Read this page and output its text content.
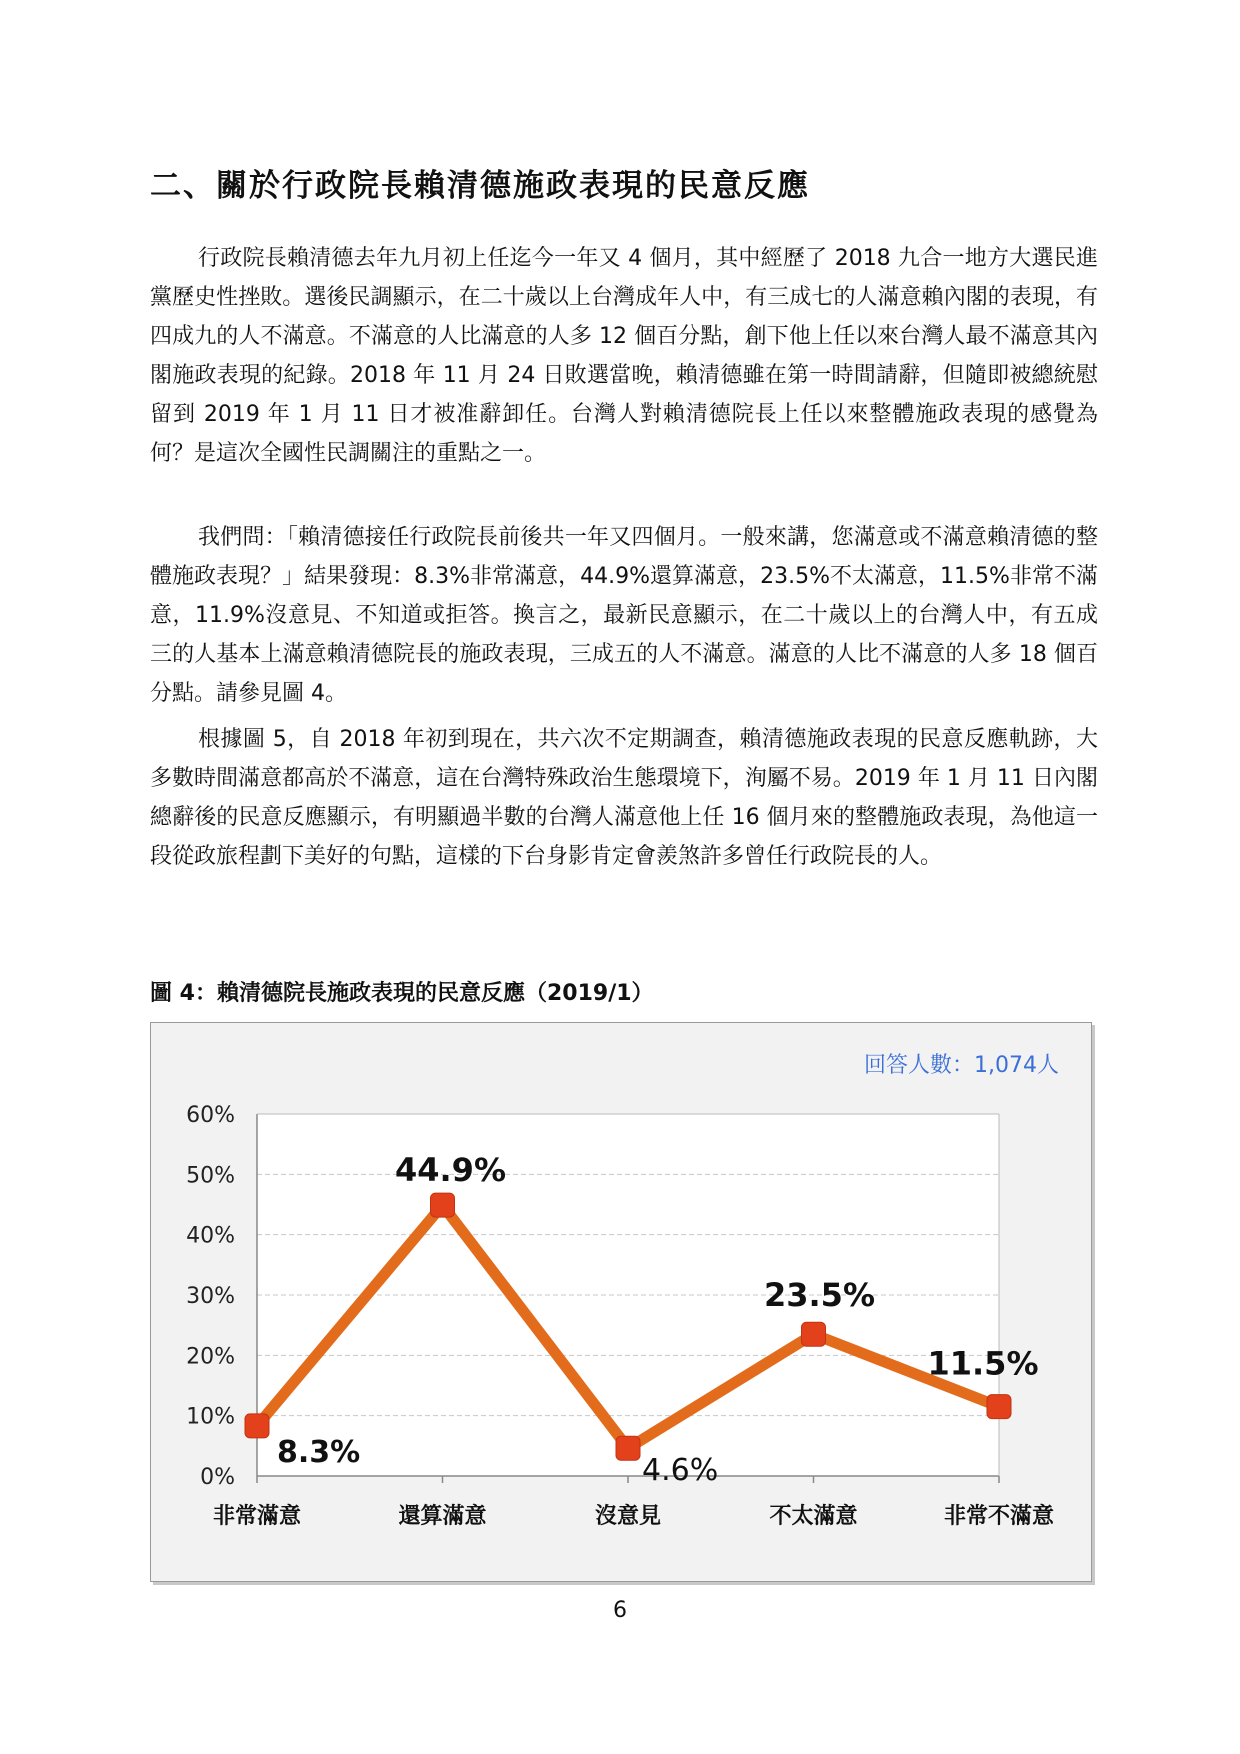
二、關於行政院長賴清德施政表現的民意反應

行政院長賴清德去年九月初上任迄今一年又 4 個月，其中經歷了 2018 九合一地方大選民進黨歷史性挫敗。選後民調顯示，在二十歲以上台灣成年人中，有三成七的人滿意賴內閣的表現，有四成九的人不滿意。不滿意的人比滿意的人多 12 個百分點，創下他上任以來台灣人最不滿意其內閣施政表現的紀錄。2018 年 11 月 24 日敗選當晚，賴清德雖在第一時間請辭，但隨即被總統慰留到 2019 年 1 月 11 日才被准辭卸任。台灣人對賴清德院長上任以來整體施政表現的感覺為何？是這次全國性民調關注的重點之一。

我們問：「賴清德接任行政院長前後共一年又四個月。一般來講，您滿意或不滿意賴清德的整體施政表現？」結果發現：8.3%非常滿意，44.9%還算滿意，23.5%不太滿意，11.5%非常不滿意，11.9%沒意見、不知道或拒答。換言之，最新民意顯示，在二十歲以上的台灣人中，有五成三的人基本上滿意賴清德院長的施政表現，三成五的人不滿意。滿意的人比不滿意的人多 18 個百分點。請參見圖 4。

根據圖 5，自 2018 年初到現在，共六次不定期調查，賴清德施政表現的民意反應軌跡，大多數時間滿意都高於不滿意，這在台灣特殊政治生態環境下，洵屬不易。2019 年 1 月 11 日內閣總辭後的民意反應顯示，有明顯過半數的台灣人滿意他上任 16 個月來的整體施政表現，為他這一段從政旅程劃下美好的句點，這樣的下台身影肯定會羨煞許多曾任行政院長的人。

圖 4：賴清德院長施政表現的民意反應（2019/1）

0%
10%
20%
30%
40%
50%
60%
非常滿意	還算滿意	沒意見	不太滿意	非常不滿意
8.3%
44.9%
4.6%
23.5%
11.5%
回答人數：1,074人

6
